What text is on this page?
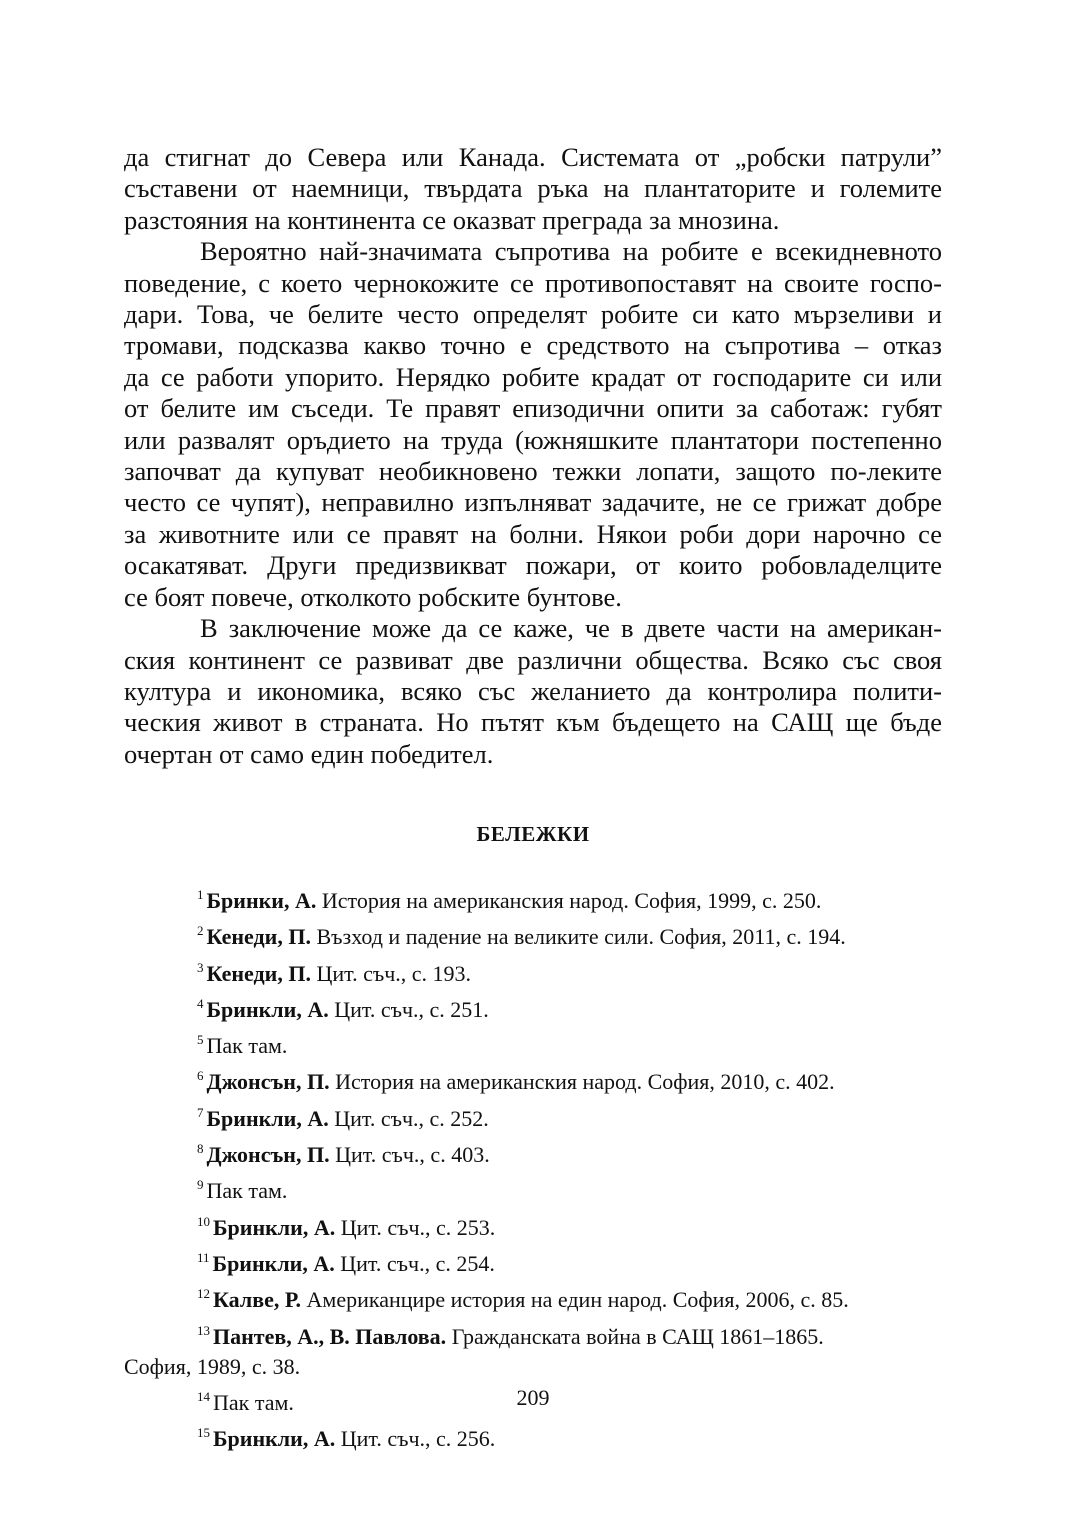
да стигнат до Севера или Канада. Системата от „робски патрули”
съставени от наемници, твърдата ръка на плантаторите и големите
разстояния на континента се оказват преграда за мнозина.

Вероятно най-значимата съпротива на робите е всекидневното
поведение, с което чернокожите се противопоставят на своите госпо-
дари. Това, че белите често определят робите си като мързеливи и
тромави, подсказва какво точно е средството на съпротива – отказ
да се работи упорито. Нерядко робите крадат от господарите си или
от белите им съседи. Те правят епизодични опити за саботаж: губят
или развалят оръдието на труда (южняшките плантатори постепенно
започват да купуват необикновено тежки лопати, защото по-леките
често се чупят), неправилно изпълняват задачите, не се грижат добре
за животните или се правят на болни. Някои роби дори нарочно се
осакатяват. Други предизвикват пожари, от които робовладелците
се боят повече, отколкото робските бунтове.

В заключение може да се каже, че в двете части на американ-
ския континент се развиват две различни общества. Всяко със своя
култура и икономика, всяко със желанието да контролира полити-
ческия живот в страната. Но пътят към бъдещето на САЩ ще бъде
очертан от само един победител.

БЕЛЕЖКИ
$^1$ Бринки, А. История на американския народ. София, 1999, с. 250.
$^2$ Кенеди, П. Възход и падение на великите сили. София, 2011, с. 194.
$^3$ Кенеди, П. Цит. съч., с. 193.
$^4$ Бринкли, А. Цит. съч., с. 251.
$^5$ Пак там.
$^6$ Джонсън, П. История на американския народ. София, 2010, с. 402.
$^7$ Бринкли, А. Цит. съч., с. 252.
$^8$ Джонсън, П. Цит. съч., с. 403.
$^9$ Пак там.
$^{10}$ Бринкли, А. Цит. съч., с. 253.
$^{11}$ Бринкли, А. Цит. съч., с. 254.
$^{12}$ Калве, Р. Американцире история на един народ. София, 2006, с. 85.
$^{13}$ Пантев, А., В. Павлова. Гражданската война в САЩ 1861–1865.
София, 1989, с. 38.
$^{14}$ Пак там.
$^{15}$ Бринкли, А. Цит. съч., с. 256.
209
